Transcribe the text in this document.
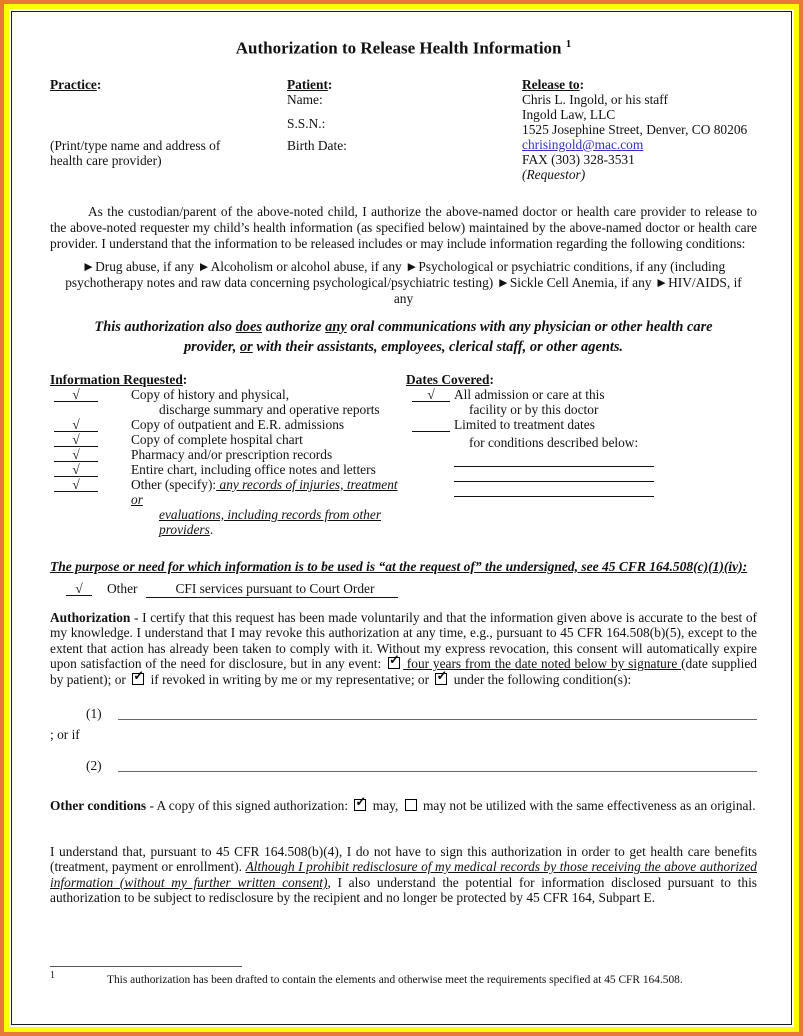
Authorization to Release Health Information $^1$
Practice:
(Print/type name and address of health care provider)
Patient:
Name:
S.S.N.:
Birth Date:
Release to:
Chris L. Ingold, or his staff
Ingold Law, LLC
1525 Josephine Street, Denver, CO 80206
chrisingold@mac.com
FAX (303) 328-3531
(Requestor)

As the custodian/parent of the above-noted child, I authorize the above-named doctor or health care provider to release to the above-noted requester my child’s health information (as specified below) maintained by the above-named doctor or health care provider. I understand that the information to be released includes or may include information regarding the following conditions:

►Drug abuse, if any ►Alcoholism or alcohol abuse, if any ►Psychological or psychiatric conditions, if any (including psychotherapy notes and raw data concerning psychological/psychiatric testing) ►Sickle Cell Anemia, if any ►HIV/AIDS, if any

This authorization also does authorize any oral communications with any physician or other health care provider, or with their assistants, employees, clerical staff, or other agents.

Information Requested:
√	Copy of history and physical,
discharge summary and operative reports
√	Copy of outpatient and E.R. admissions
√	Copy of complete hospital chart
√	Pharmacy and/or prescription records
√	Entire chart, including office notes and letters
√	Other (specify): any records of injuries, treatment or
evaluations, including records from other providers.
Dates Covered:
√	All admission or care at this
facility or by this doctor
Limited to treatment dates
for conditions described below:
The purpose or need for which information is to be used is “at the request of” the undersigned, see 45 CFR 164.508(c)(1)(iv):
√	Other	CFI services pursuant to Court Order

Authorization - I certify that this request has been made voluntarily and that the information given above is accurate to the best of my knowledge. I understand that I may revoke this authorization at any time, e.g., pursuant to 45 CFR 164.508(b)(5), except to the extent that action has already been taken to comply with it. Without my express revocation, this consent will automatically expire upon satisfaction of the need for disclosure, but in any event: ✓ four years from the date noted below by signature (date supplied by patient); or ✓ if revoked in writing by me or my representative; or ✓ under the following condition(s):

(1)
; or if
(2)

Other conditions - A copy of this signed authorization: ✓ may,  may not be utilized with the same effectiveness as an original.

I understand that, pursuant to 45 CFR 164.508(b)(4), I do not have to sign this authorization in order to get health care benefits (treatment, payment or enrollment). Although I prohibit redisclosure of my medical records by those receiving the above authorized information (without my further written consent), I also understand the potential for information disclosed pursuant to this authorization to be subject to redisclosure by the recipient and no longer be protected by 45 CFR 164, Subpart E.

$^1$	This authorization has been drafted to contain the elements and otherwise meet the requirements specified at 45 CFR 164.508.
